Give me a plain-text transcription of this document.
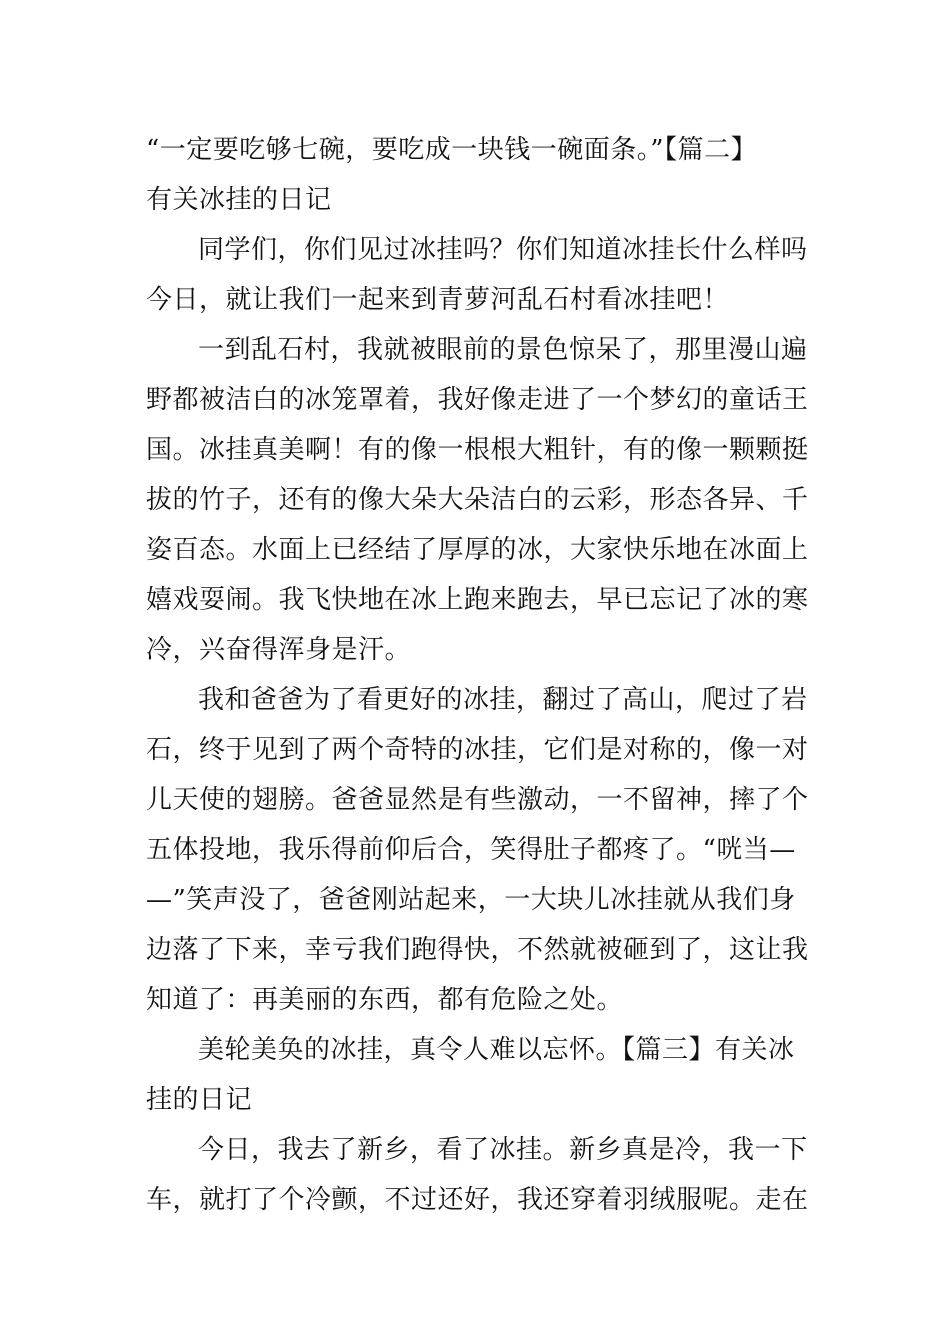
“一定要吃够七碗，要吃成一块钱一碗面条。”【篇二】
有关冰挂的日记
同学们，你们见过冰挂吗？你们知道冰挂长什么样吗
今日，就让我们一起来到青萝河乱石村看冰挂吧！
一到乱石村，我就被眼前的景色惊呆了，那里漫山遍
野都被洁白的冰笼罩着，我好像走进了一个梦幻的童话王
国。冰挂真美啊！有的像一根根大粗针，有的像一颗颗挺
拔的竹子，还有的像大朵大朵洁白的云彩，形态各异、千
姿百态。水面上已经结了厚厚的冰，大家快乐地在冰面上
嬉戏耍闹。我飞快地在冰上跑来跑去，早已忘记了冰的寒
冷，兴奋得浑身是汗。
我和爸爸为了看更好的冰挂，翻过了高山，爬过了岩
石，终于见到了两个奇特的冰挂，它们是对称的，像一对
儿天使的翅膀。爸爸显然是有些激动，一不留神，摔了个
五体投地，我乐得前仰后合，笑得肚子都疼了。“咣当—
—”笑声没了，爸爸刚站起来，一大块儿冰挂就从我们身
边落了下来，幸亏我们跑得快，不然就被砸到了，这让我
知道了：再美丽的东西，都有危险之处。
美轮美奂的冰挂，真令人难以忘怀。【篇三】有关冰
挂的日记
今日，我去了新乡，看了冰挂。新乡真是冷，我一下
车，就打了个冷颤，不过还好，我还穿着羽绒服呢。走在
